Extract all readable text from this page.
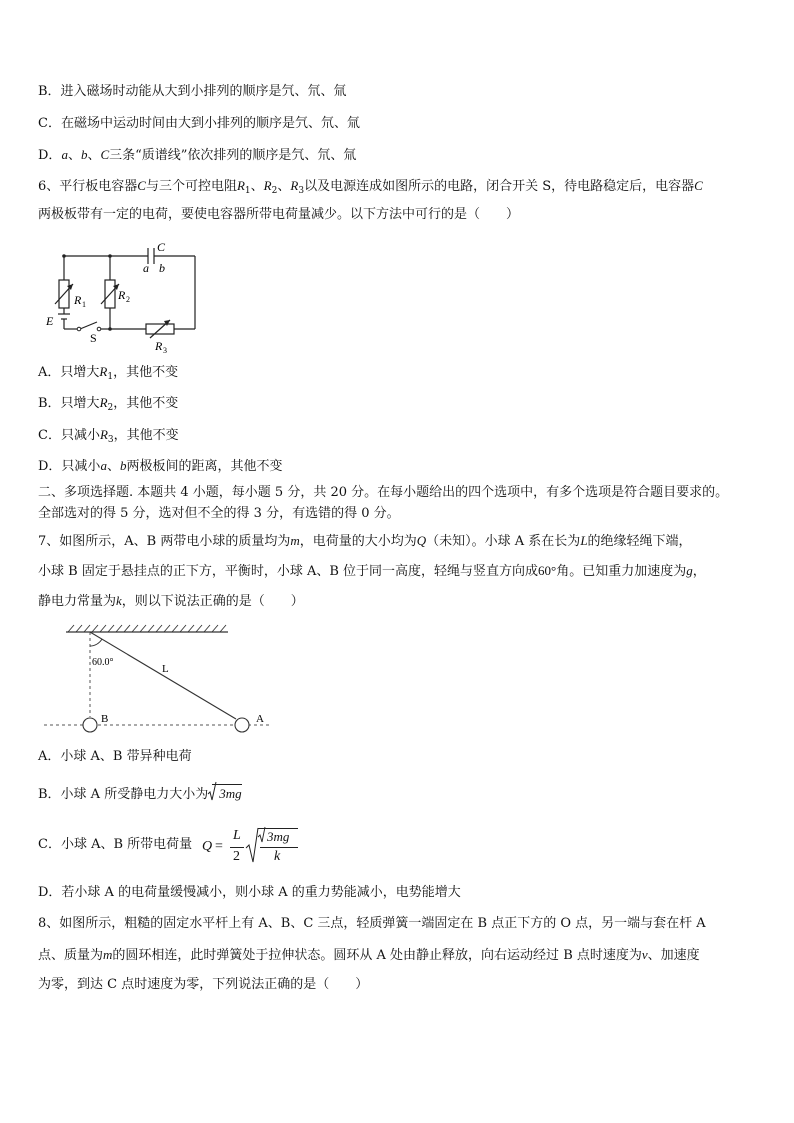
B．进入磁场时动能从大到小排列的顺序是氕、氘、氚
C．在磁场中运动时间由大到小排列的顺序是氕、氘、氚
D．a、b、C三条“质谱线”依次排列的顺序是氕、氘、氚
6、平行板电容器C与三个可控电阻$R_1$、$R_2$、$R_3$以及电源连成如图所示的电路，闭合开关 S，待电路稳定后，电容器C
两极板带有一定的电荷，要使电容器所带电荷量减少。以下方法中可行的是（　　）
C
a b
R 1
R 2
E
S
R 3
A．只增大$R_1$，其他不变
B．只增大$R_2$，其他不变
C．只减小$R_3$，其他不变
D．只减小a、b两极板间的距离，其他不变
二、多项选择题. 本题共 4 小题，每小题 5 分，共 20 分。在每小题给出的四个选项中，有多个选项是符合题目要求的。
全部选对的得 5 分，选对但不全的得 3 分，有选错的得 0 分。
7、如图所示，A、B 两带电小球的质量均为m，电荷量的大小均为Q（未知）。小球 A 系在长为L的绝缘轻绳下端，
小球 B 固定于悬挂点的正下方，平衡时，小球 A、B 位于同一高度，轻绳与竖直方向成60°角。已知重力加速度为g，
静电力常量为k，则以下说法正确的是（　　）
60.0°
L
B	A
A．小球 A、B 带异种电荷
B．小球 A 所受静电力大小为 3mg
C．小球 A、B 所带电荷量 Q =
L
2
3mg
k
D．若小球 A 的电荷量缓慢减小，则小球 A 的重力势能减小，电势能增大
8、如图所示，粗糙的固定水平杆上有 A、B、C 三点，轻质弹簧一端固定在 B 点正下方的 O 点，另一端与套在杆 A
点、质量为m的圆环相连，此时弹簧处于拉伸状态。圆环从 A 处由静止释放，向右运动经过 B 点时速度为v、加速度
为零，到达 C 点时速度为零，下列说法正确的是（　　）
